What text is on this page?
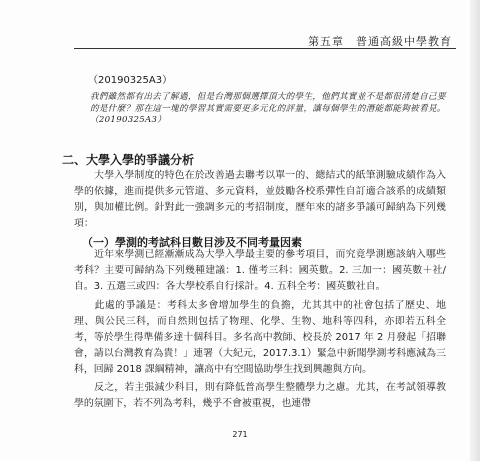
第五章　普通高級中學教育
（20190325A3）
我們雖然都有出去了解過，但是台灣那個選擇頂大的學生，他們其實並不是都很清楚自己要的是什麼？那在這一塊的學習其實需要更多元化的評量，讓每個學生的潛能都能夠被看見。（20190325A3）
二、大學入學的爭議分析
大學入學制度的特色在於改善過去聯考以單一的、總結式的紙筆測驗成績作為入學的依據，進而提供多元管道、多元資料，並鼓勵各校系彈性自訂適合該系的成績類別，與加權比例。針對此一強調多元的考招制度，歷年來的諸多爭議可歸納為下列幾項：
（一）學測的考試科目數目涉及不同考量因素
近年來學測已經漸漸成為大學入學最主要的參考項目，而究竟學測應該納入哪些考科？主要可歸納為下列幾種建議：1. 僅考三科：國英數。2. 三加一：國英數＋社/自。3. 五選三或四：各大學校系自行採計。4. 五科全考：國英數社自。
此處的爭議是：考科太多會增加學生的負擔，尤其其中的社會包括了歷史、地理、與公民三科，而自然則包括了物理、化學、生物、地科等四科，亦即若五科全考，等於學生得準備多達十個科目。多名高中教師、校長於 2017 年 2 月發起「招聯會，請以台灣教育為貴！」連署（大紀元，2017.3.1）緊急中新聞學測考科應減為三科，回歸 2018 課綱精神，讓高中有空間協助學生找到興趣與方向。
反之，若主張減少科目，則有降低普高學生整體學力之慮。尤其，在考試領導教學的氛圍下，若不列為考科，幾乎不會被重視，也連帶
271
